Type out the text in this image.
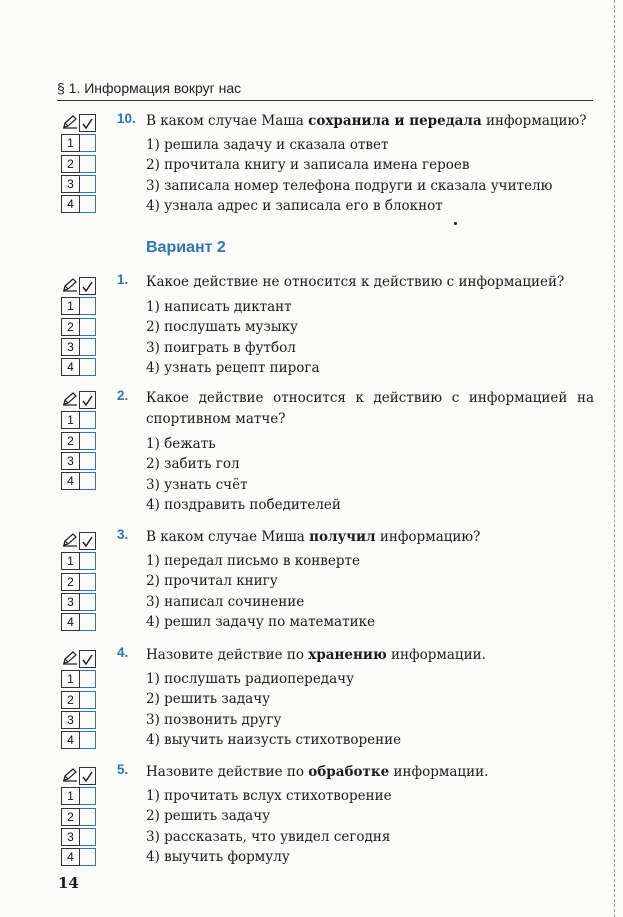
§ 1. Информация вокруг нас
Вариант 2
14
10. В каком случае Маша сохранила и передала информацию?
1) решила задачу и сказала ответ
2) прочитала книгу и записала имена героев
3) записала номер телефона подруги и сказала учителю
4) узнала адрес и записала его в блокнот
1
2
3
4
1. Какое действие не относится к действию с информацией?
1) написать диктант
2) послушать музыку
3) поиграть в футбол
4) узнать рецепт пирога
1
2
3
4
2. Какое действие относится к действию с информацией на спортивном матче?
1) бежать
2) забить гол
3) узнать счёт
4) поздравить победителей
1
2
3
4
3. В каком случае Миша получил информацию?
1) передал письмо в конверте
2) прочитал книгу
3) написал сочинение
4) решил задачу по математике
1
2
3
4
4. Назовите действие по хранению информации.
1) послушать радиопередачу
2) решить задачу
3) позвонить другу
4) выучить наизусть стихотворение
1
2
3
4
5. Назовите действие по обработке информации.
1) прочитать вслух стихотворение
2) решить задачу
3) рассказать, что увидел сегодня
4) выучить формулу
1
2
3
4
